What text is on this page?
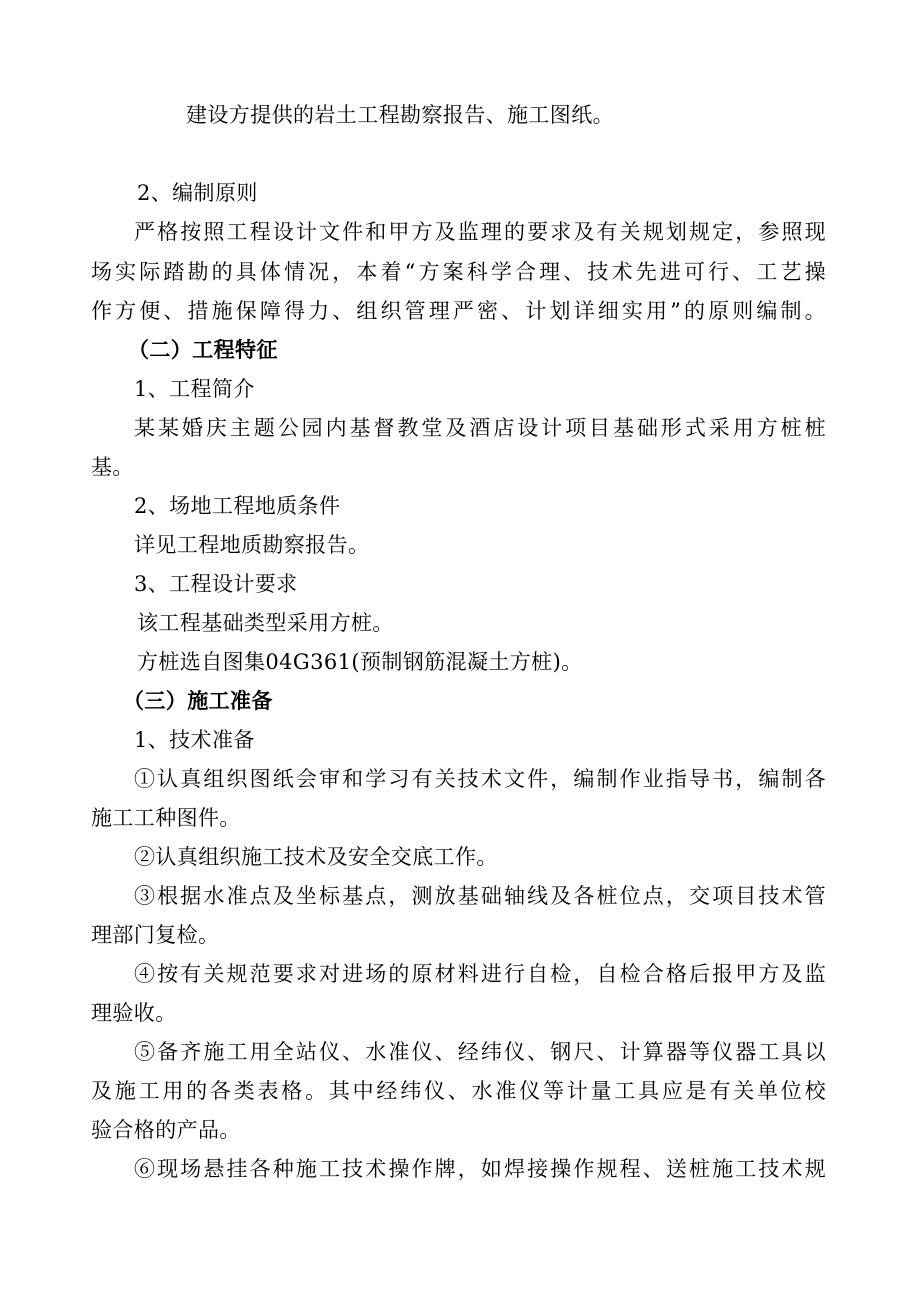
建设方提供的岩土工程勘察报告、施工图纸。
2、编制原则
严格按照工程设计文件和甲方及监理的要求及有关规划规定，参照现
场实际踏勘的具体情况，本着“方案科学合理、技术先进可行、工艺操
作方便、措施保障得力、组织管理严密、计划详细实用”的原则编制。
（二）工程特征
1、工程简介
某某婚庆主题公园内基督教堂及酒店设计项目基础形式采用方桩桩
基。
2、场地工程地质条件
详见工程地质勘察报告。
3、工程设计要求
该工程基础类型采用方桩。
方桩选自图集04G361(预制钢筋混凝土方桩)。
（三）施工准备
1、技术准备
①认真组织图纸会审和学习有关技术文件，编制作业指导书，编制各
施工工种图件。
②认真组织施工技术及安全交底工作。
③根据水准点及坐标基点，测放基础轴线及各桩位点，交项目技术管
理部门复检。
④按有关规范要求对进场的原材料进行自检，自检合格后报甲方及监
理验收。
⑤备齐施工用全站仪、水准仪、经纬仪、钢尺、计算器等仪器工具以
及施工用的各类表格。其中经纬仪、水准仪等计量工具应是有关单位校
验合格的产品。
⑥现场悬挂各种施工技术操作牌，如焊接操作规程、送桩施工技术规
